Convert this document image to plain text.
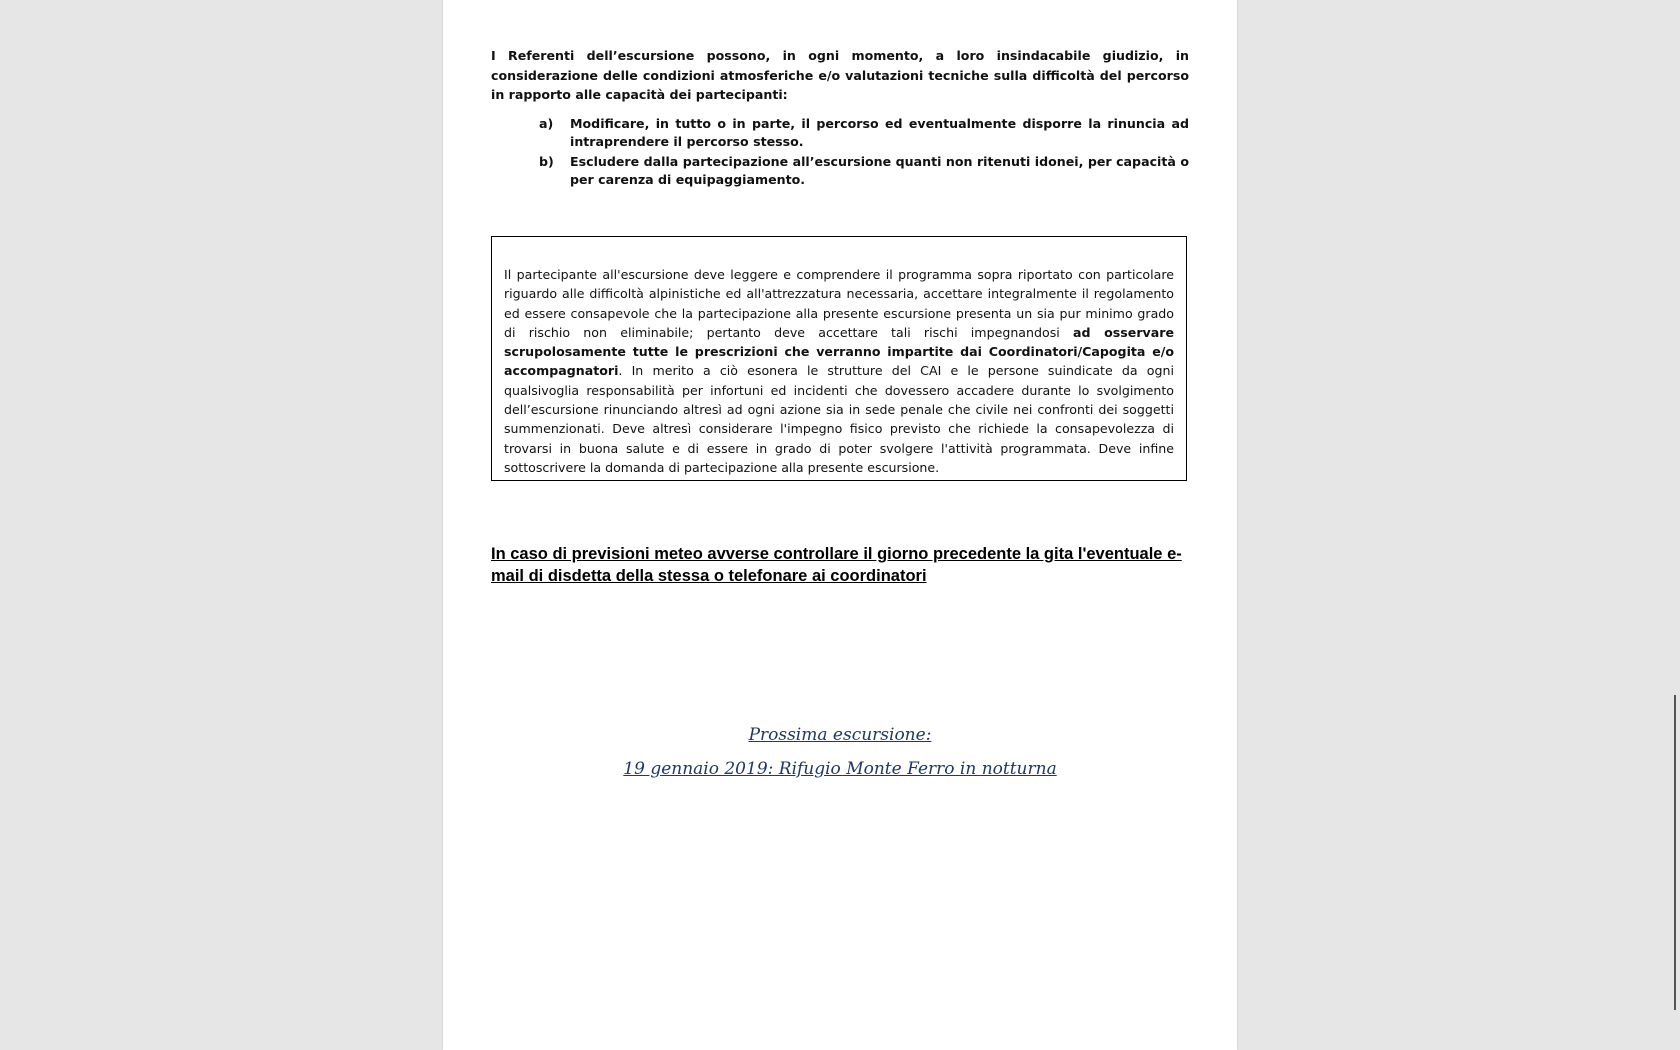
I Referenti dell’escursione possono, in ogni momento, a loro insindacabile giudizio, in considerazione delle condizioni atmosferiche e/o valutazioni tecniche sulla difficoltà del percorso in rapporto alle capacità dei partecipanti:

a)	Modificare, in tutto o in parte, il percorso ed eventualmente disporre la rinuncia ad intraprendere il percorso stesso.
b)	Escludere dalla partecipazione all’escursione quanti non ritenuti idonei, per capacità o per carenza di equipaggiamento.

Il partecipante all'escursione deve leggere e comprendere il programma sopra riportato con particolare riguardo alle difficoltà alpinistiche ed all'attrezzatura necessaria, accettare integralmente il regolamento ed essere consapevole che la partecipazione alla presente escursione presenta un sia pur minimo grado di rischio non eliminabile; pertanto deve accettare tali rischi impegnandosi ad osservare scrupolosamente tutte le prescrizioni che verranno impartite dai Coordinatori/Capogita e/o accompagnatori. In merito a ciò esonera le strutture del CAI e le persone suindicate da ogni qualsivoglia responsabilità per infortuni ed incidenti che dovessero accadere durante lo svolgimento dell’escursione rinunciando altresì ad ogni azione sia in sede penale che civile nei confronti dei soggetti summenzionati. Deve altresì considerare l'impegno fisico previsto che richiede la consapevolezza di trovarsi in buona salute e di essere in grado di poter svolgere l'attività programmata. Deve infine sottoscrivere la domanda di partecipazione alla presente escursione.

In caso di previsioni meteo avverse controllare il giorno precedente la gita l'eventuale e-mail di disdetta della stessa o telefonare ai coordinatori

Prossima escursione:

19 gennaio 2019: Rifugio Monte Ferro in notturna
